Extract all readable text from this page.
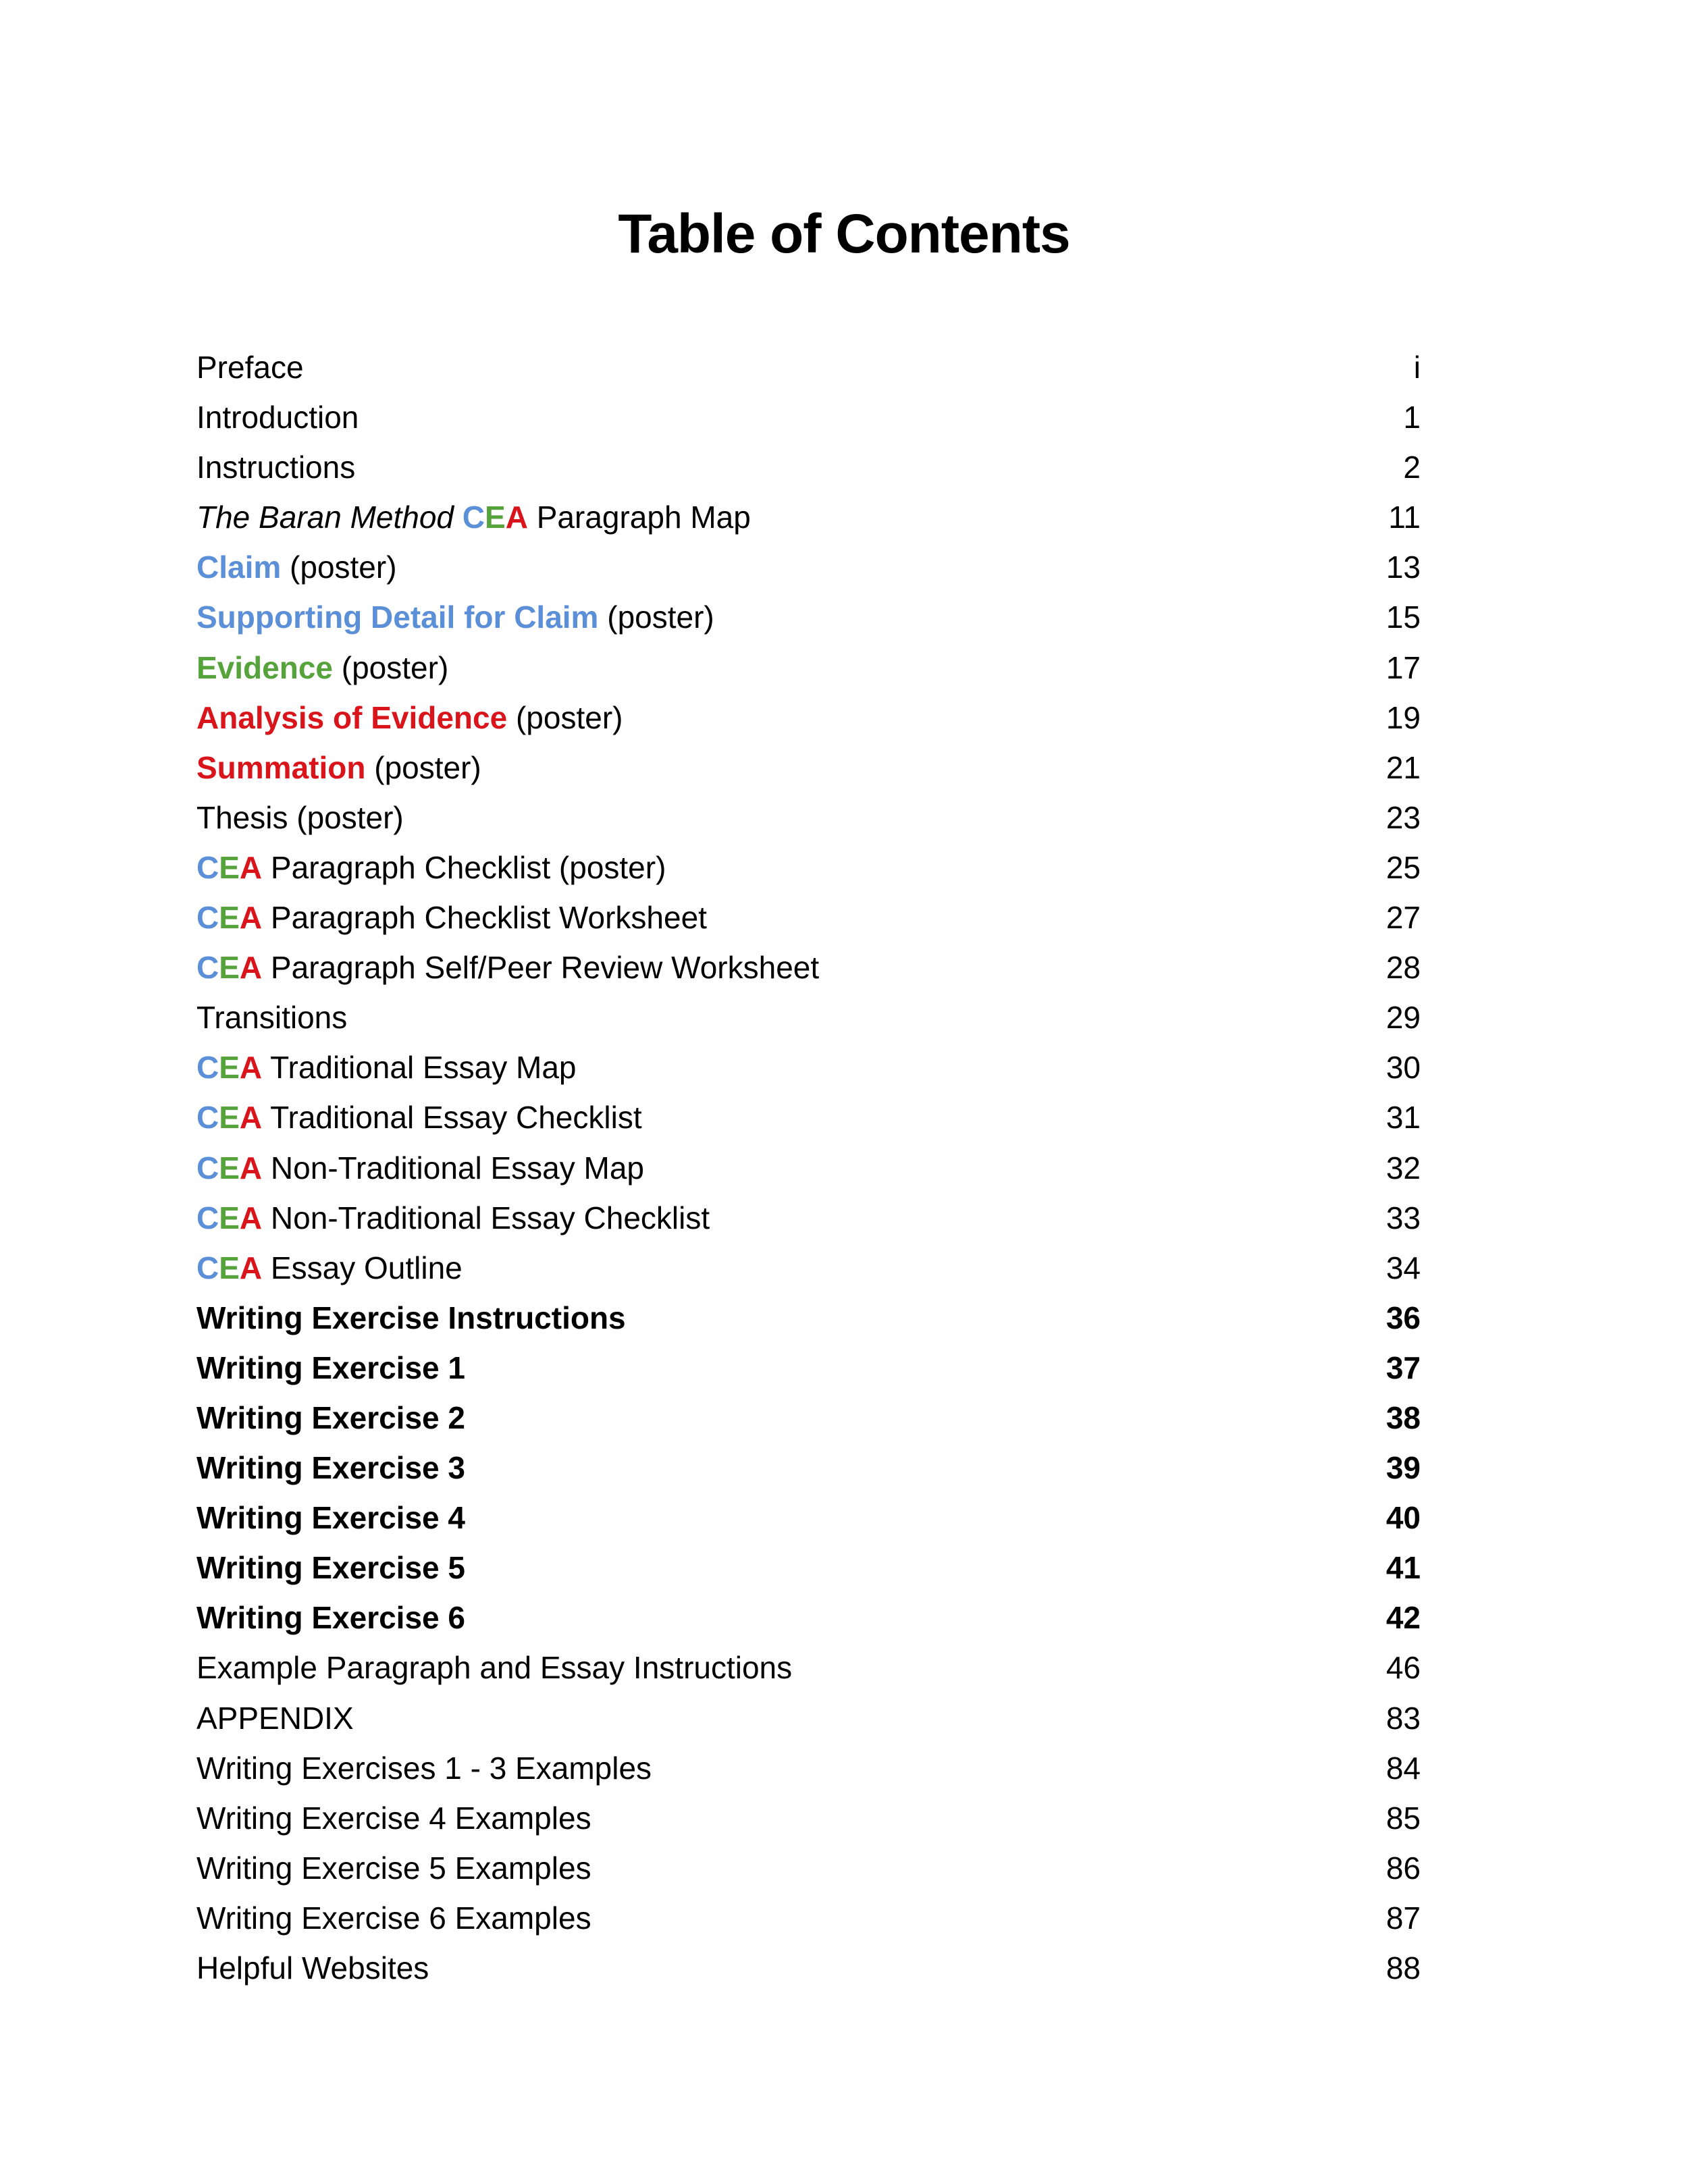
Table of Contents
Preface	i
Introduction	1
Instructions	2
The Baran Method CEA Paragraph Map	11
Claim (poster)	13
Supporting Detail for Claim (poster)	15
Evidence (poster)	17
Analysis of Evidence (poster)	19
Summation (poster)	21
Thesis (poster)	23
CEA Paragraph Checklist (poster)	25
CEA Paragraph Checklist Worksheet	27
CEA Paragraph Self/Peer Review Worksheet	28
Transitions	29
CEA Traditional Essay Map	30
CEA Traditional Essay Checklist	31
CEA Non-Traditional Essay Map	32
CEA Non-Traditional Essay Checklist	33
CEA Essay Outline	34
Writing Exercise Instructions	36
Writing Exercise 1	37
Writing Exercise 2	38
Writing Exercise 3	39
Writing Exercise 4	40
Writing Exercise 5	41
Writing Exercise 6	42
Example Paragraph and Essay Instructions	46
APPENDIX	83
Writing Exercises 1 - 3 Examples	84
Writing Exercise 4 Examples	85
Writing Exercise 5 Examples	86
Writing Exercise 6 Examples	87
Helpful Websites	88
